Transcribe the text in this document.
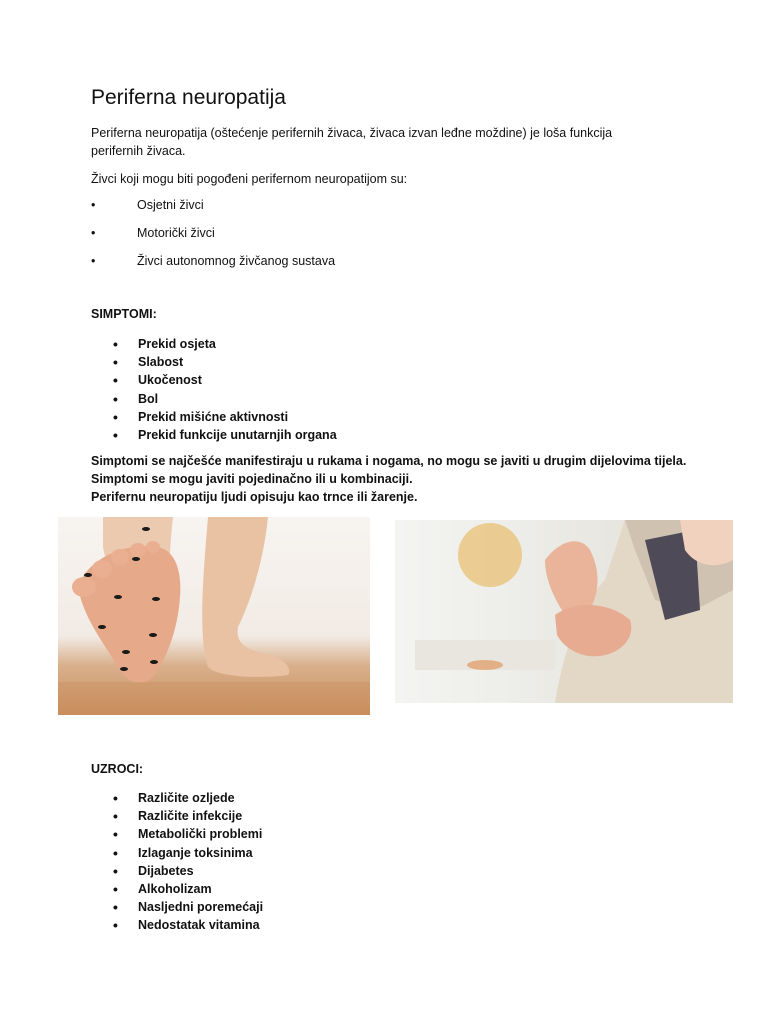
Periferna neuropatija
Periferna neuropatija (oštećenje perifernih živaca, živaca izvan leđne moždine) je loša funkcija
perifernih živaca.

Živci koji mogu biti pogođeni perifernom neuropatijom su:

•	Osjetni živci
•	Motorički živci
•	Živci autonomnog živčanog sustava

SIMPTOMI:

• Prekid osjeta
• Slabost
• Ukočenost
• Bol
• Prekid mišićne aktivnosti
• Prekid funkcije unutarnjih organa
Simptomi se najčešće manifestiraju u rukama i nogama, no mogu se javiti u drugim dijelovima tijela.
Simptomi se mogu javiti pojedinačno ili u kombinaciji.
Perifernu neuropatiju ljudi opisuju kao trnce ili žarenje.

UZROCI:

• Različite ozljede
• Različite infekcije
• Metabolički problemi
• Izlaganje toksinima
• Dijabetes
• Alkoholizam
• Nasljedni poremećaji
• Nedostatak vitamina
